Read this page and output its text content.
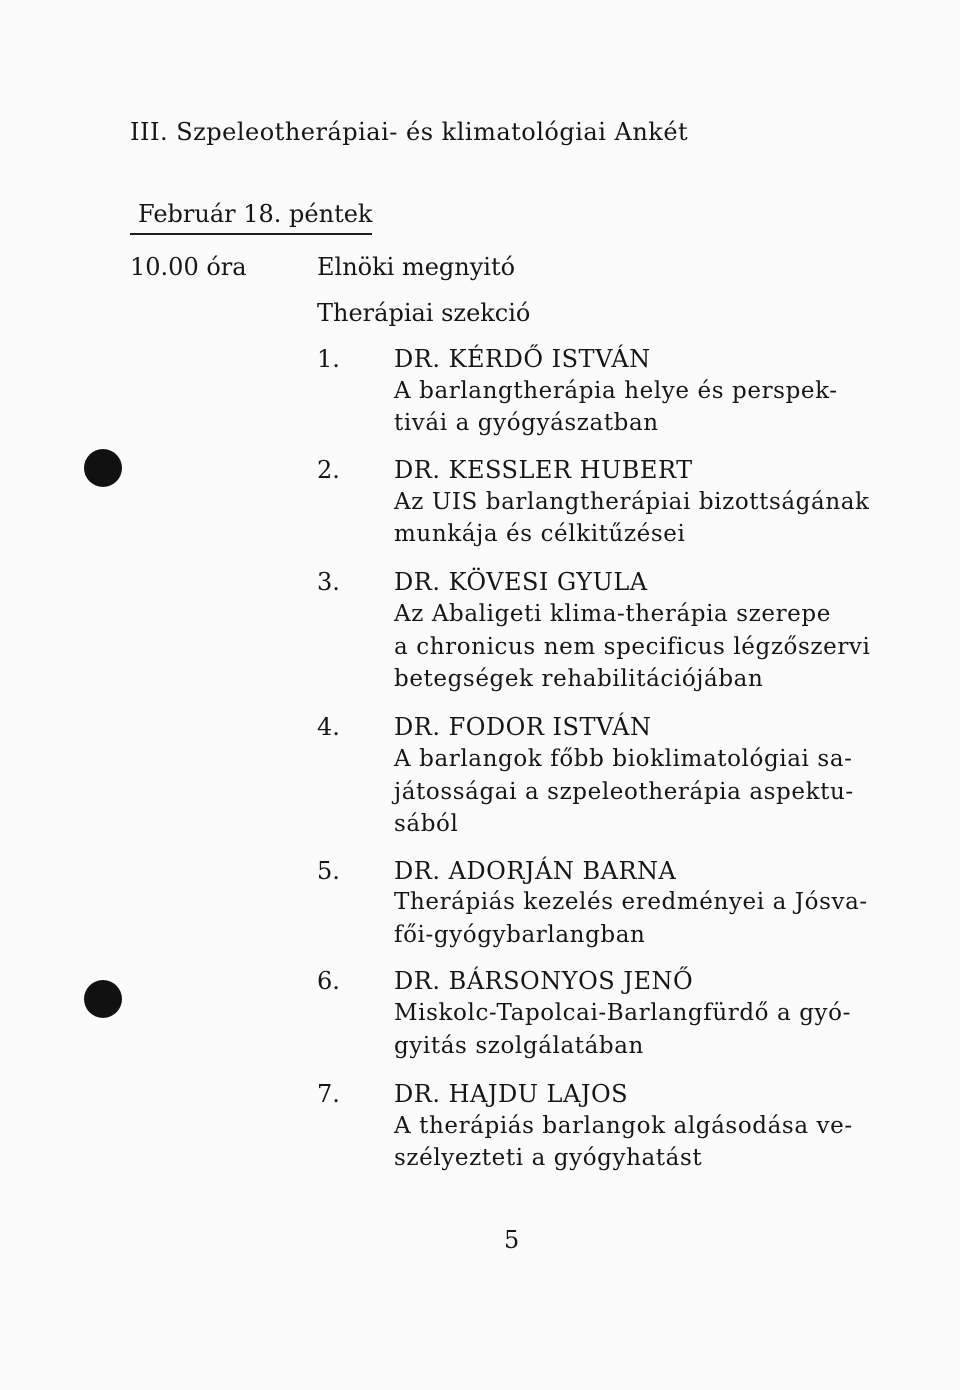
III. Szpeleotherápiai- és klimatológiai Ankét
Február 18. péntek
10.00 óra	Elnöki megnyitó
Therápiai szekció
1. DR. KÉRDŐ ISTVÁN
A barlangtherápia helye és perspek-
tivái a gyógyászatban
2. DR. KESSLER HUBERT
Az UIS barlangtherápiai bizottságának
munkája és célkitűzései
3. DR. KÖVESI GYULA
Az Abaligeti klima-therápia szerepe
a chronicus nem specificus légzőszervi
betegségek rehabilitációjában
4. DR. FODOR ISTVÁN
A barlangok főbb bioklimatológiai sa-
játosságai a szpeleotherápia aspektu-
sából
5. DR. ADORJÁN BARNA
Therápiás kezelés eredményei a Jósva-
fői-gyógybarlangban
6. DR. BÁRSONYOS JENŐ
Miskolc-Tapolcai-Barlangfürdő a gyó-
gyitás szolgálatában
7. DR. HAJDU LAJOS
A therápiás barlangok algásodása ve-
szélyezteti a gyógyhatást
5
